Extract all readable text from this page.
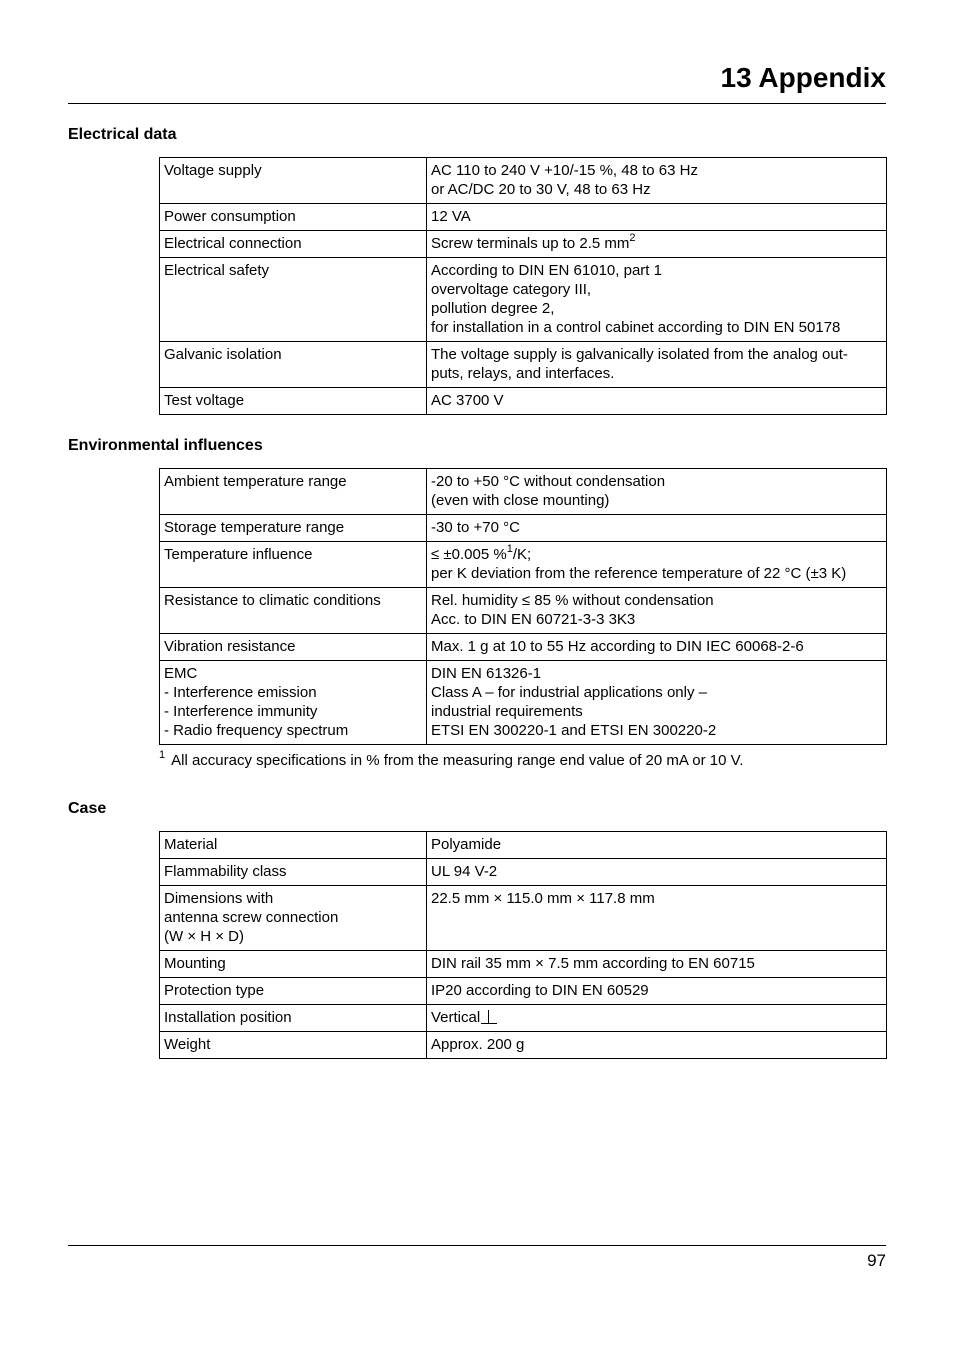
13 Appendix
Electrical data
Voltage supply	AC 110 to 240 V +10/-15 %, 48 to 63 Hz
or AC/DC 20 to 30 V, 48 to 63 Hz

Power consumption	12 VA

Electrical connection	Screw terminals up to 2.5 $mm^2$

Electrical safety	According to DIN EN 61010, part 1
overvoltage category III,
pollution degree 2,
for installation in a control cabinet according to DIN EN 50178

Galvanic isolation	The voltage supply is galvanically isolated from the analog out-
puts, relays, and interfaces.

Test voltage	AC 3700 V
Environmental influences
Ambient temperature range	-20 to +50 °C without condensation
(even with close mounting)

Storage temperature range	-30 to +70 °C

Temperature influence	≤ ±0.005 %$^1$/K;
per K deviation from the reference temperature of 22 °C (±3 K)

Resistance to climatic conditions	Rel. humidity ≤ 85 % without condensation
Acc. to DIN EN 60721-3-3 3K3

Vibration resistance	Max. 1 g at 10 to 55 Hz according to DIN IEC 60068-2-6

EMC
- Interference emission
- Interference immunity
- Radio frequency spectrum	DIN EN 61326-1
Class A – for industrial applications only –
industrial requirements
ETSI EN 300220-1 and ETSI EN 300220-2
$^1$ All accuracy specifications in % from the measuring range end value of 20 mA or 10 V.
Case
Material	Polyamide

Flammability class	UL 94 V-2

Dimensions with
antenna screw connection
(W × H × D)	22.5 mm × 115.0 mm × 117.8 mm

Mounting	DIN rail 35 mm × 7.5 mm according to EN 60715

Protection type	IP20 according to DIN EN 60529

Installation position	Vertical

Weight	Approx. 200 g
97
